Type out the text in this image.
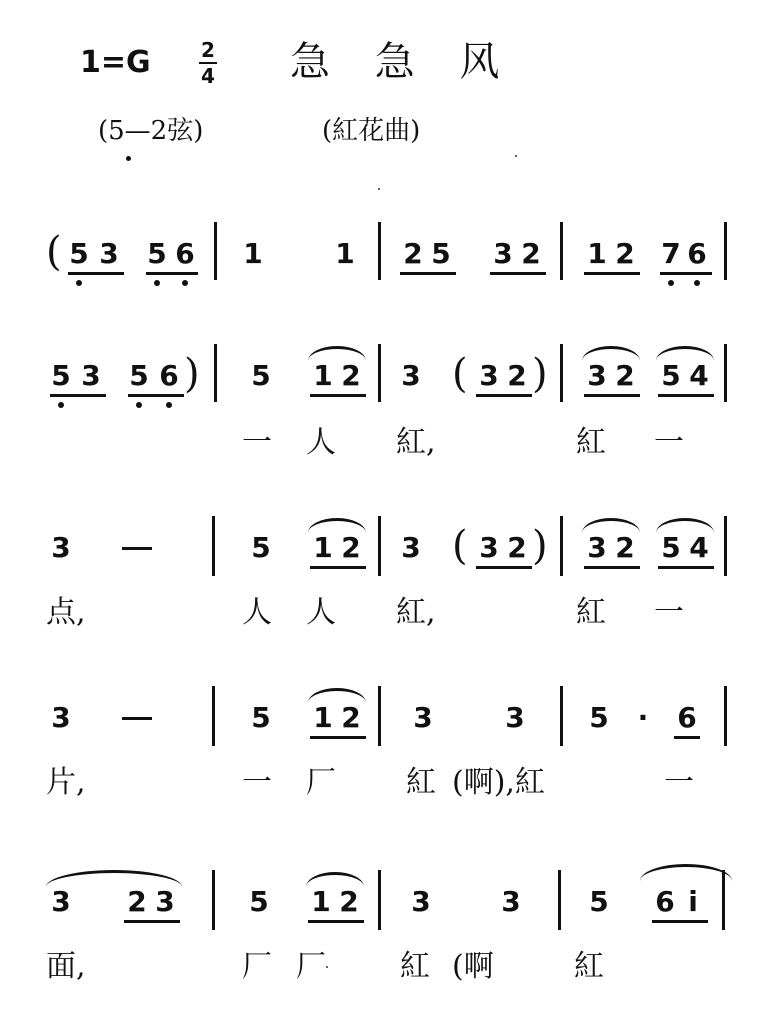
1=G	2
4 急 急 风
(5—2弦)	(紅花曲)
( 5 3 5 6 1	1 2 5 3 2 1 2 7 6
5 3 5 6 ) 5 1 2 3 ( 3 2 ) 3 2 5 4
一 人 紅,	紅 一
3	5 1 2 3 ( 3 2 ) 3 2 5 4
点,	人 人 紅,	紅 一
3	5 1 2 3	3 5 · 6
片,	一 厂 紅 (啊),紅	一
3 2 3	5 1 2 3	3 5 6 i
面,	厂 厂 紅 (啊	紅
